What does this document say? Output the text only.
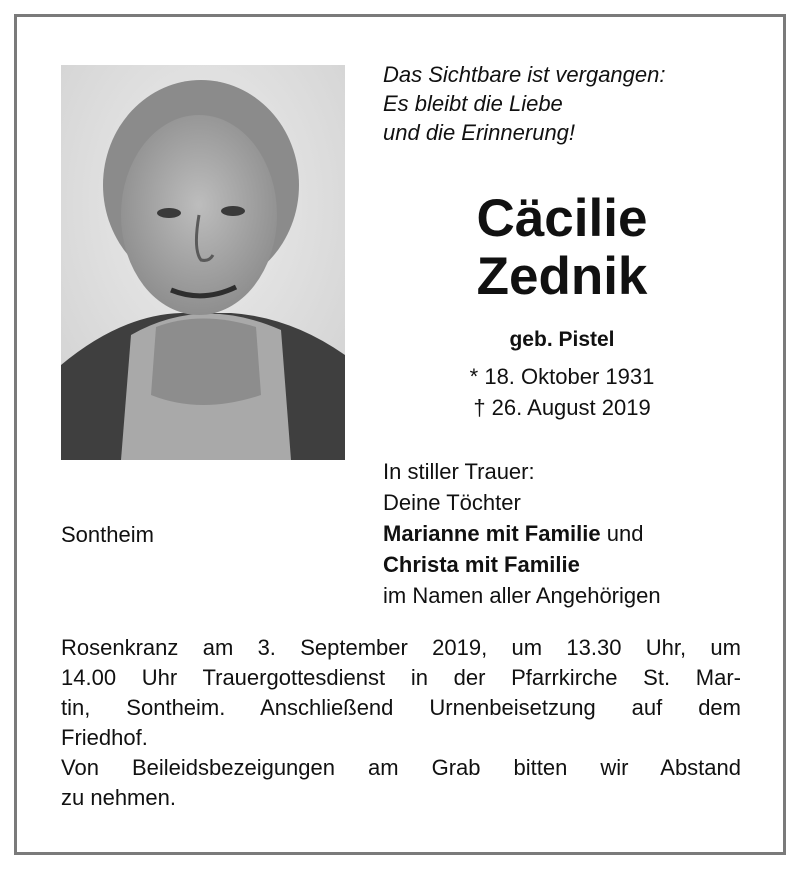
Das Sichtbare ist vergangen:
Es bleibt die Liebe
und die Erinnerung!
Cäcilie
Zednik
geb. Pistel
* 18. Oktober 1931
† 26. August 2019
In stiller Trauer:
Deine Töchter
Marianne mit Familie und
Christa mit Familie
im Namen aller Angehörigen
Sontheim
Rosenkranz am 3. September 2019, um 13.30 Uhr, um
14.00 Uhr Trauergottesdienst in der Pfarrkirche St. Mar-
tin, Sontheim. Anschließend Urnenbeisetzung auf dem
Friedhof.
Von Beileidsbezeigungen am Grab bitten wir Abstand
zu nehmen.
